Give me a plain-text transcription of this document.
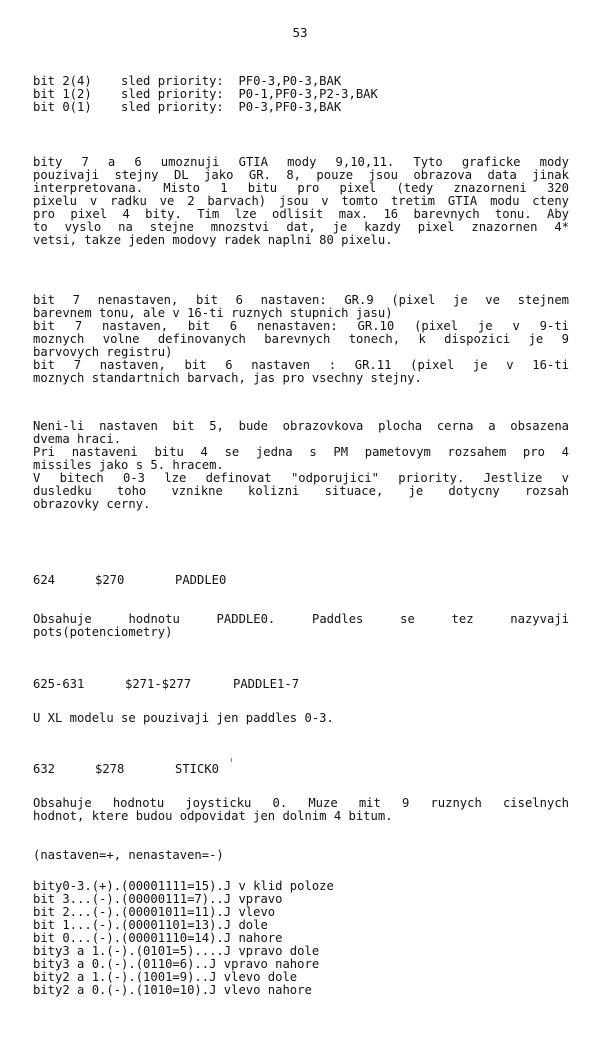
53
bit 2(4)    sled priority:  PF0-3,P0-3,BAK
bit 1(2)    sled priority:  P0-1,PF0-3,P2-3,BAK
bit 0(1)    sled priority:  P0-3,PF0-3,BAK
bity 7 a 6 umoznuji GTIA mody 9,10,11. Tyto graficke mody
pouzivaji stejny DL jako GR. 8, pouze jsou obrazova data jinak
interpretovana. Misto 1 bitu pro pixel (tedy znazorneni 320
pixelu v radku ve 2 barvach) jsou v tomto tretim GTIA modu cteny
pro pixel 4 bity. Tim lze odlisit max. 16 barevnych tonu. Aby
to vyslo na stejne mnozstvi dat, je kazdy pixel znazornen 4*
vetsi, takze jeden modovy radek naplni 80 pixelu.
bit 7 nenastaven, bit 6 nastaven: GR.9 (pixel je ve stejnem
barevnem tonu, ale v 16-ti ruznych stupnich jasu)
bit 7 nastaven, bit 6 nenastaven: GR.10 (pixel je v 9-ti
moznych volne definovanych barevnych tonech, k dispozici je 9
barvovych registru)
bit 7 nastaven, bit 6 nastaven : GR.11 (pixel je v 16-ti
moznych standartnich barvach, jas pro vsechny stejny.
Neni-li nastaven bit 5, bude obrazovkova plocha cerna a obsazena
dvema hraci.
Pri nastaveni bitu 4 se jedna s PM pametovym rozsahem pro 4
missiles jako s 5. hracem.
V bitech 0-3 lze definovat "odporujici" priority. Jestlize v
dusledku toho vznikne kolizni situace, je dotycny rozsah
obrazovky cerny.
624	$270	PADDLE0
Obsahuje hodnotu PADDLE0. Paddles se tez nazyvaji
pots(potenciometry)
625-631	$271-$277	PADDLE1-7
U XL modelu se pouzivaji jen paddles 0-3.
632	$278	STICK0
Obsahuje hodnotu joysticku 0. Muze mit 9 ruznych ciselnych
hodnot, ktere budou odpovidat jen dolnim 4 bitum.
(nastaven=+, nenastaven=-)
bity0-3.(+).(00001111=15).J v klid poloze
bit 3...(-).(00000111=7)..J vpravo
bit 2...(-).(00001011=11).J vlevo
bit 1...(-).(00001101=13).J dole
bit 0...(-).(00001110=14).J nahore
bity3 a 1.(-).(0101=5)....J vpravo dole
bity3 a 0.(-).(0110=6)..J vpravo nahore
bity2 a 1.(-).(1001=9)..J vlevo dole
bity2 a 0.(-).(1010=10).J vlevo nahore
